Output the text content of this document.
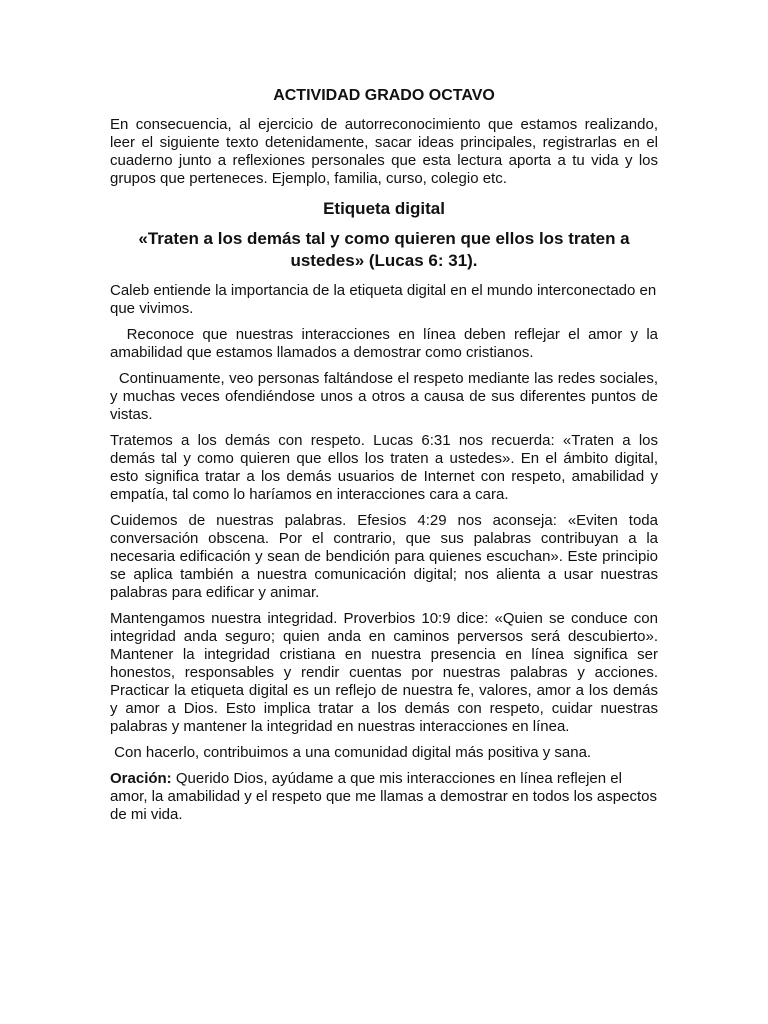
ACTIVIDAD GRADO OCTAVO

En consecuencia, al ejercicio de autorreconocimiento que estamos realizando, leer el siguiente texto detenidamente, sacar ideas principales, registrarlas en el cuaderno junto a reflexiones personales que esta lectura aporta a tu vida y los grupos que perteneces. Ejemplo, familia, curso, colegio etc.

Etiqueta digital

«Traten a los demás tal y como quieren que ellos los traten a ustedes» (Lucas 6: 31).

Caleb entiende la importancia de la etiqueta digital en el mundo interconectado en que vivimos.

Reconoce que nuestras interacciones en línea deben reflejar el amor y la amabilidad que estamos llamados a demostrar como cristianos.

Continuamente, veo personas faltándose el respeto mediante las redes sociales, y muchas veces ofendiéndose unos a otros a causa de sus diferentes puntos de vistas.

Tratemos a los demás con respeto. Lucas 6:31 nos recuerda: «Traten a los demás tal y como quieren que ellos los traten a ustedes». En el ámbito digital, esto significa tratar a los demás usuarios de Internet con respeto, amabilidad y empatía, tal como lo haríamos en interacciones cara a cara.

Cuidemos de nuestras palabras. Efesios 4:29 nos aconseja: «Eviten toda conversación obscena. Por el contrario, que sus palabras contribuyan a la necesaria edificación y sean de bendición para quienes escuchan». Este principio se aplica también a nuestra comunicación digital; nos alienta a usar nuestras palabras para edificar y animar.

Mantengamos nuestra integridad. Proverbios 10:9 dice: «Quien se conduce con integridad anda seguro; quien anda en caminos perversos será descubierto». Mantener la integridad cristiana en nuestra presencia en línea significa ser honestos, responsables y rendir cuentas por nuestras palabras y acciones. Practicar la etiqueta digital es un reflejo de nuestra fe, valores, amor a los demás y amor a Dios. Esto implica tratar a los demás con respeto, cuidar nuestras palabras y mantener la integridad en nuestras interacciones en línea.

Con hacerlo, contribuimos a una comunidad digital más positiva y sana.

Oración: Querido Dios, ayúdame a que mis interacciones en línea reflejen el amor, la amabilidad y el respeto que me llamas a demostrar en todos los aspectos de mi vida.
